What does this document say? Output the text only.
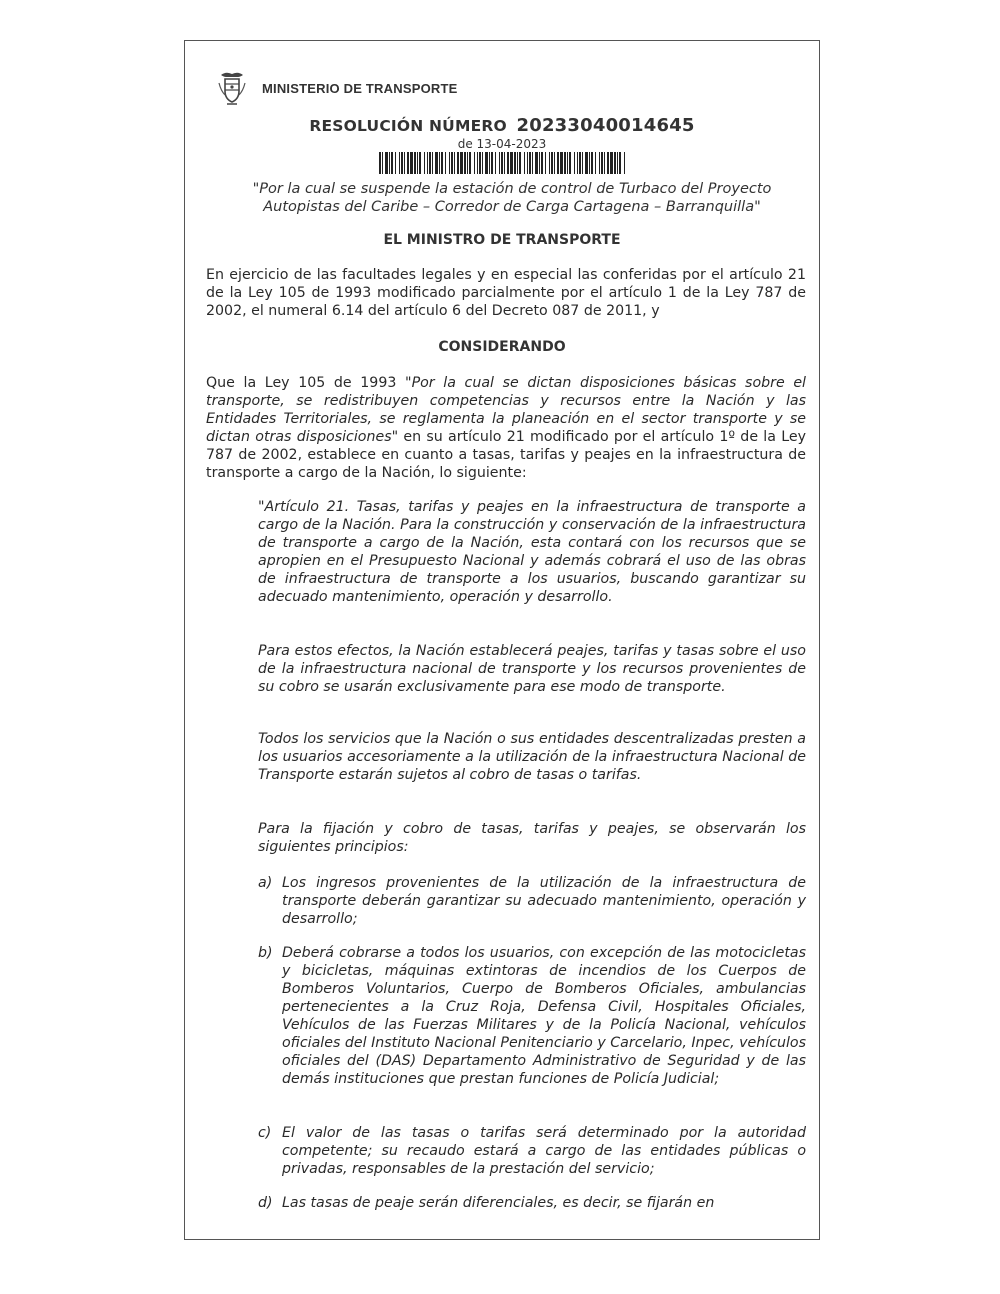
MINISTERIO DE TRANSPORTE
RESOLUCIÓN NÚMERO 20233040014645
de 13-04-2023
"Por la cual se suspende la estación de control de Turbaco del Proyecto Autopistas del Caribe – Corredor de Carga Cartagena – Barranquilla"
EL MINISTRO DE TRANSPORTE

En ejercicio de las facultades legales y en especial las conferidas por el artículo 21 de la Ley 105 de 1993 modificado parcialmente por el artículo 1 de la Ley 787 de 2002, el numeral 6.14 del artículo 6 del Decreto 087 de 2011, y

CONSIDERANDO

Que la Ley 105 de 1993 "Por la cual se dictan disposiciones básicas sobre el transporte, se redistribuyen competencias y recursos entre la Nación y las Entidades Territoriales, se reglamenta la planeación en el sector transporte y se dictan otras disposiciones" en su artículo 21 modificado por el artículo 1º de la Ley 787 de 2002, establece en cuanto a tasas, tarifas y peajes en la infraestructura de transporte a cargo de la Nación, lo siguiente:

"Artículo 21. Tasas, tarifas y peajes en la infraestructura de transporte a cargo de la Nación. Para la construcción y conservación de la infraestructura de transporte a cargo de la Nación, esta contará con los recursos que se apropien en el Presupuesto Nacional y además cobrará el uso de las obras de infraestructura de transporte a los usuarios, buscando garantizar su adecuado mantenimiento, operación y desarrollo.

Para estos efectos, la Nación establecerá peajes, tarifas y tasas sobre el uso de la infraestructura nacional de transporte y los recursos provenientes de su cobro se usarán exclusivamente para ese modo de transporte.

Todos los servicios que la Nación o sus entidades descentralizadas presten a los usuarios accesoriamente a la utilización de la infraestructura Nacional de Transporte estarán sujetos al cobro de tasas o tarifas.

Para la fijación y cobro de tasas, tarifas y peajes, se observarán los siguientes principios:

a) Los ingresos provenientes de la utilización de la infraestructura de transporte deberán garantizar su adecuado mantenimiento, operación y desarrollo;
b) Deberá cobrarse a todos los usuarios, con excepción de las motocicletas y bicicletas, máquinas extintoras de incendios de los Cuerpos de Bomberos Voluntarios, Cuerpo de Bomberos Oficiales, ambulancias pertenecientes a la Cruz Roja, Defensa Civil, Hospitales Oficiales, Vehículos de las Fuerzas Militares y de la Policía Nacional, vehículos oficiales del Instituto Nacional Penitenciario y Carcelario, Inpec, vehículos oficiales del (DAS) Departamento Administrativo de Seguridad y de las demás instituciones que prestan funciones de Policía Judicial;
c) El valor de las tasas o tarifas será determinado por la autoridad competente; su recaudo estará a cargo de las entidades públicas o privadas, responsables de la prestación del servicio;
d) Las tasas de peaje serán diferenciales, es decir, se fijarán en
